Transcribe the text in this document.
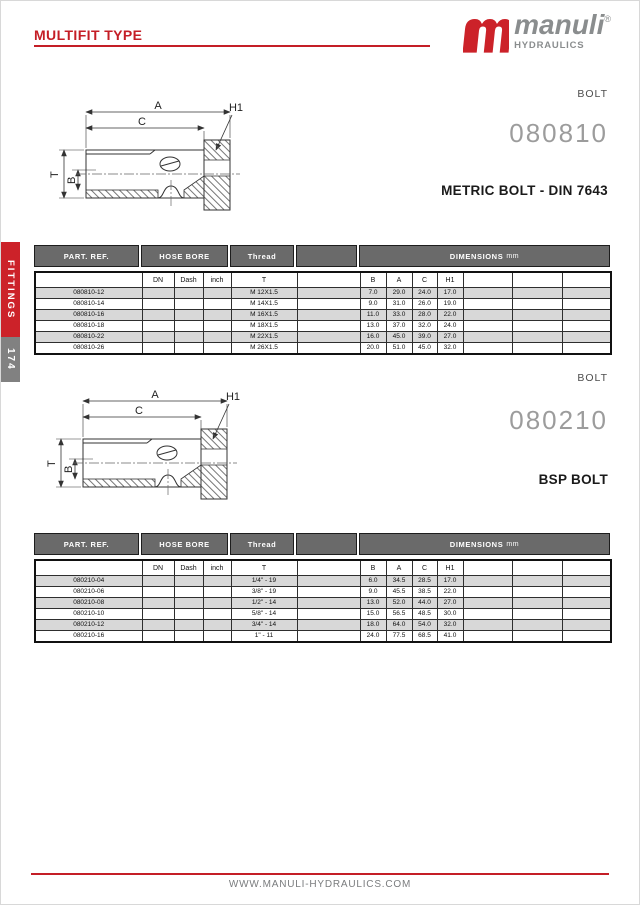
MULTIFIT TYPE	manuli®
HYDRAULICS
FITTINGS
174
A
C
H1
T
B
BOLT
080810
METRIC BOLT - DIN 7643
PART. REF.	HOSE BORE	Thread	DIMENSIONS mm
	DN	Dash	inch	T		B	A	C	H1			
080810-12				M 12X1.5		7.0	29.0	24.0	17.0			
080810-14				M 14X1.5		9.0	31.0	26.0	19.0			
080810-16				M 16X1.5		11.0	33.0	28.0	22.0			
080810-18				M 18X1.5		13.0	37.0	32.0	24.0			
080810-22				M 22X1.5		16.0	45.0	39.0	27.0			
080810-26				M 26X1.5		20.0	51.0	45.0	32.0			
A
C
H1
T
B
BOLT
080210
BSP BOLT
PART. REF.	HOSE BORE	Thread	DIMENSIONS mm
	DN	Dash	inch	T		B	A	C	H1			
080210-04				1/4" - 19		6.0	34.5	28.5	17.0			
080210-06				3/8" - 19		9.0	45.5	38.5	22.0			
080210-08				1/2" - 14		13.0	52.0	44.0	27.0			
080210-10				5/8" - 14		15.0	56.5	48.5	30.0			
080210-12				3/4" - 14		18.0	64.0	54.0	32.0			
080210-16				1" - 11		24.0	77.5	68.5	41.0			
WWW.MANULI-HYDRAULICS.COM
